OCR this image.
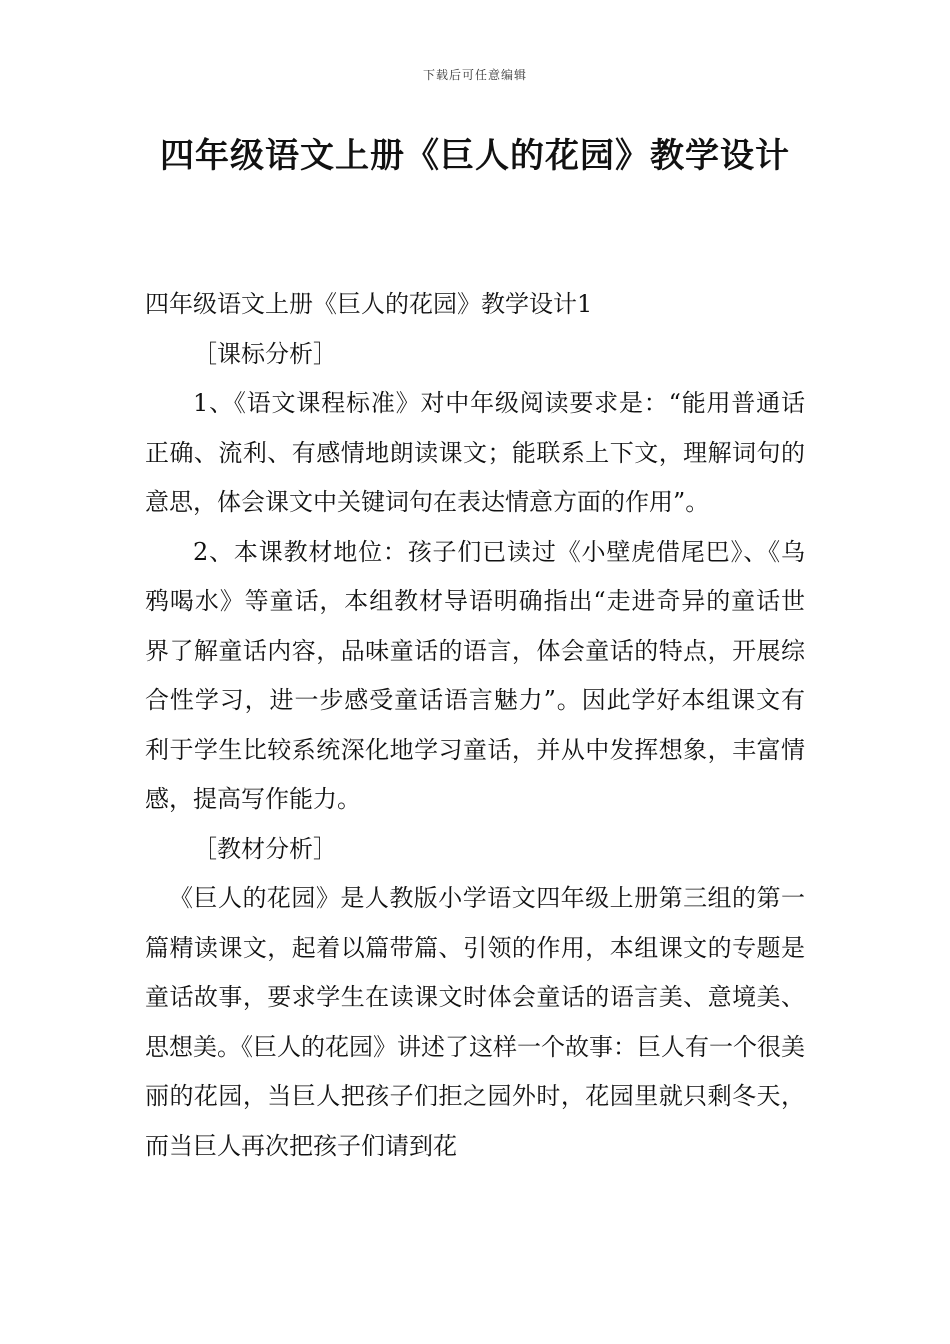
下载后可任意编辑
四年级语文上册《巨人的花园》教学设计

四年级语文上册《巨人的花园》教学设计1

［课标分析］

1、《语文课程标准》对中年级阅读要求是：“能用普通话正确、流利、有感情地朗读课文；能联系上下文，理解词句的意思，体会课文中关键词句在表达情意方面的作用”。

2、本课教材地位：孩子们已读过《小壁虎借尾巴》、《乌鸦喝水》等童话，本组教材导语明确指出“走进奇异的童话世界了解童话内容，品味童话的语言，体会童话的特点，开展综合性学习，进一步感受童话语言魅力”。因此学好本组课文有利于学生比较系统深化地学习童话，并从中发挥想象，丰富情感，提高写作能力。

［教材分析］

《巨人的花园》是人教版小学语文四年级上册第三组的第一篇精读课文，起着以篇带篇、引领的作用，本组课文的专题是童话故事，要求学生在读课文时体会童话的语言美、意境美、思想美。《巨人的花园》讲述了这样一个故事：巨人有一个很美丽的花园，当巨人把孩子们拒之园外时，花园里就只剩冬天，而当巨人再次把孩子们请到花
